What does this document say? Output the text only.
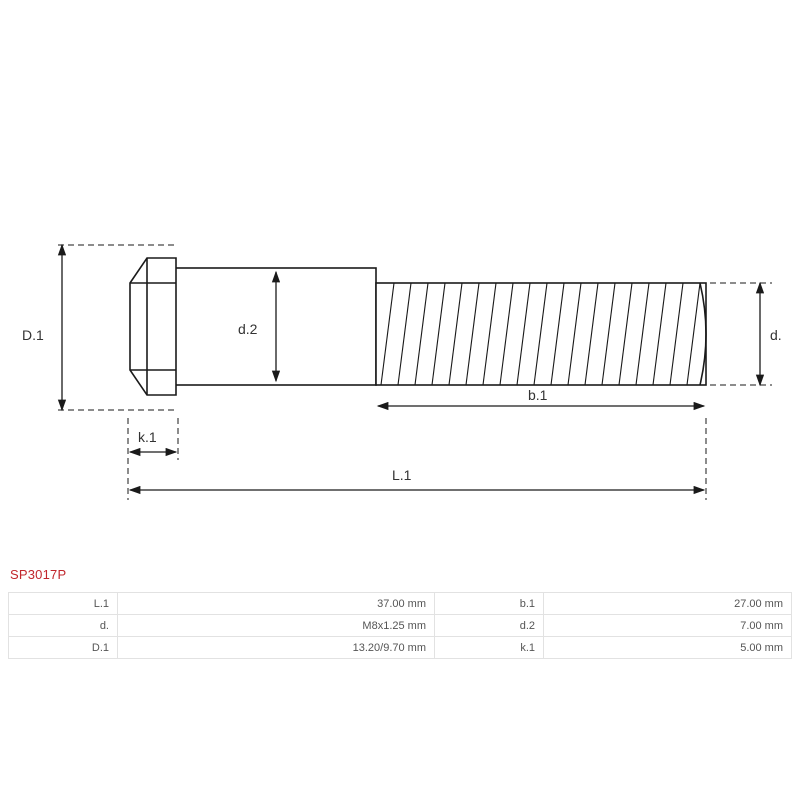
D.1	d.2	d.
k.1
b.1
L.1
SP3017P
L.1	37.00 mm	b.1	27.00 mm
d.	M8x1.25 mm	d.2	7.00 mm
D.1	13.20/9.70 mm	k.1	5.00 mm
